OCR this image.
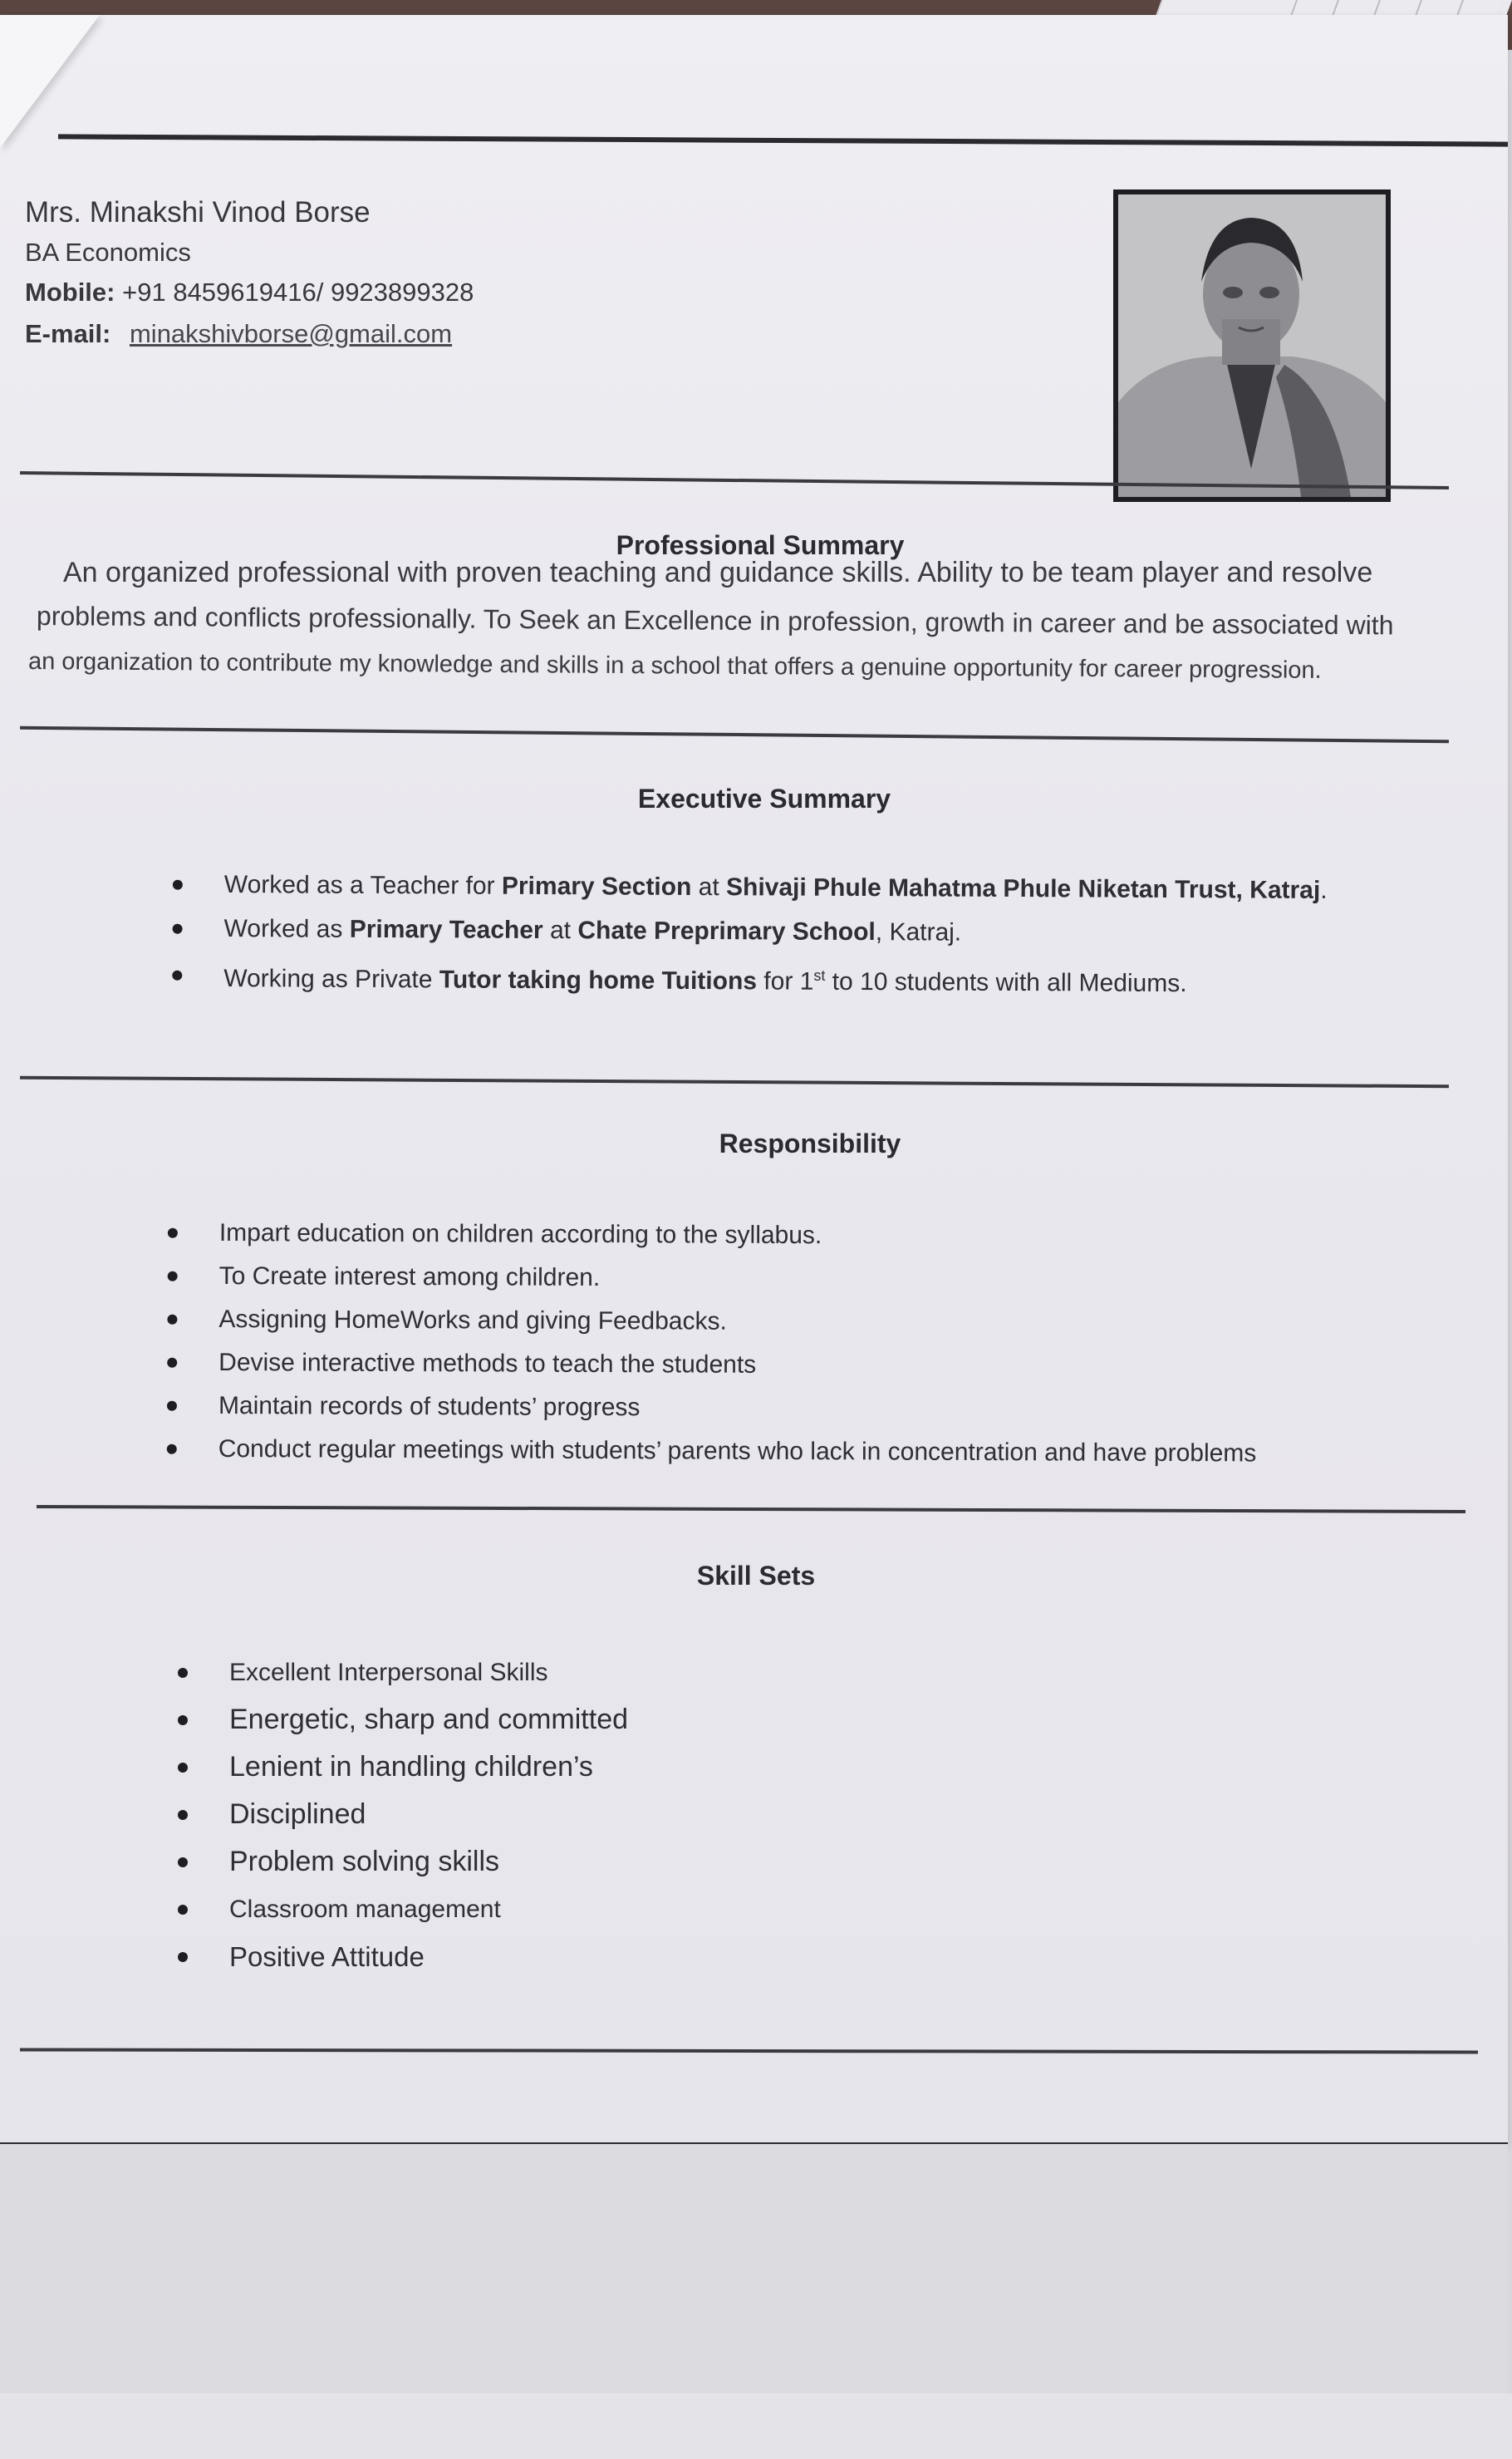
Mrs. Minakshi Vinod Borse
BA Economics
Mobile: +91 8459619416/ 9923899328
E-mail: minakshivborse@gmail.com
Professional Summary

An organized professional with proven teaching and guidance skills. Ability to be team player and resolve

problems and conflicts professionally. To Seek an Excellence in profession, growth in career and be associated with

an organization to contribute my knowledge and skills in a school that offers a genuine opportunity for career progression.

Executive Summary
Worked as a Teacher for Primary Section at Shivaji Phule Mahatma Phule Niketan Trust, Katraj.
Worked as Primary Teacher at Chate Preprimary School, Katraj.
Working as Private Tutor taking home Tuitions for 1st to 10 students with all Mediums.
Responsibility
Impart education on children according to the syllabus.
To Create interest among children.
Assigning HomeWorks and giving Feedbacks.
Devise interactive methods to teach the students
Maintain records of students’ progress
Conduct regular meetings with students’ parents who lack in concentration and have problems
Skill Sets
Excellent Interpersonal Skills
Energetic, sharp and committed
Lenient in handling children’s
Disciplined
Problem solving skills
Classroom management
Positive Attitude
